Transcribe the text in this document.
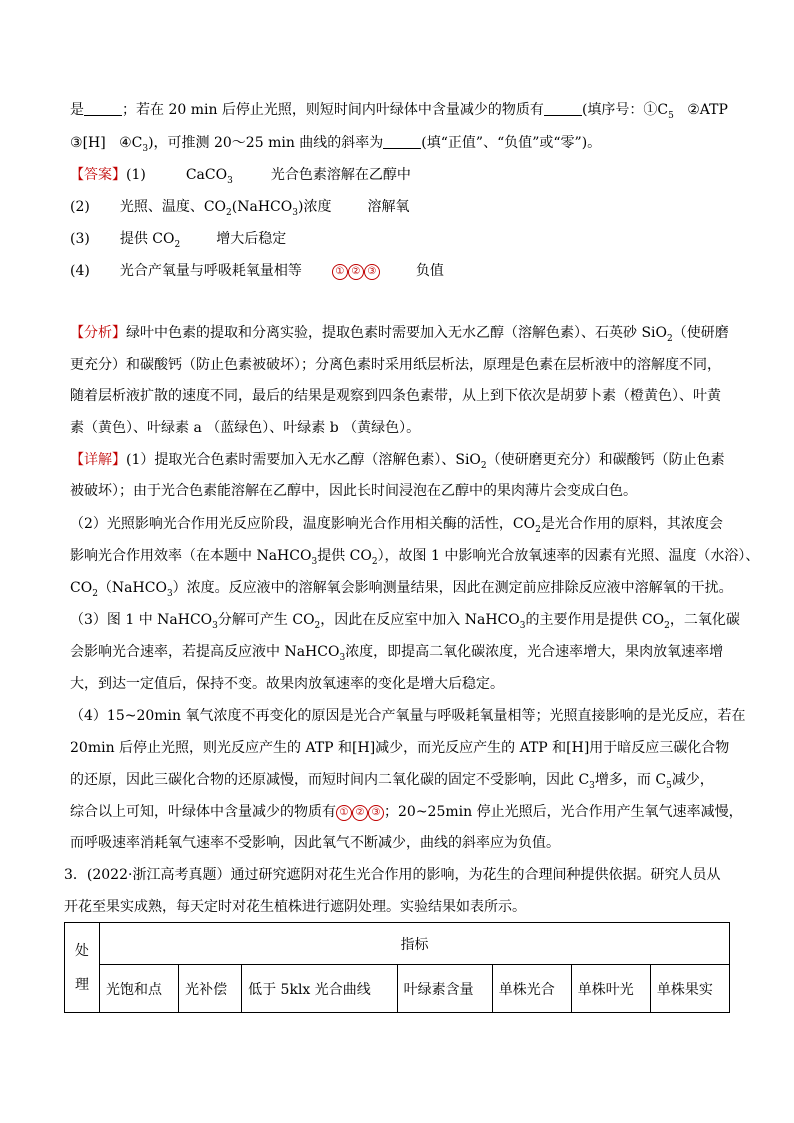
是	；若在 20 min 后停止光照，则短时间内叶绿体中含量减少的物质有	(填序号：$①C_5$ ②ATP
③[H] $④C_3$)，可推测 20～25 min 曲线的斜率为	(填“正值”、“负值”或“零”)。
【答案】(1)	CaCO$_3$	光合色素溶解在乙醇中
(2) 光照、温度、$CO_2(NaHCO_3)$浓度	溶解氧
(3) 提供 $CO_2$	增大后稳定
(4) 光合产氧量与呼吸耗氧量相等	① ② ③	负值
【分析】绿叶中色素的提取和分离实验，提取色素时需要加入无水乙醇（溶解色素）、石英砂 SiO$_2$（使研磨
更充分）和碳酸钙（防止色素被破坏）；分离色素时采用纸层析法，原理是色素在层析液中的溶解度不同，
随着层析液扩散的速度不同，最后的结果是观察到四条色素带，从上到下依次是胡萝卜素（橙黄色）、叶黄
素（黄色）、叶绿素 a （蓝绿色）、叶绿素 b （黄绿色）。
【详解】(1）提取光合色素时需要加入无水乙醇（溶解色素）、SiO$_2$（使研磨更充分）和碳酸钙（防止色素
被破坏）；由于光合色素能溶解在乙醇中，因此长时间浸泡在乙醇中的果肉薄片会变成白色。
（2）光照影响光合作用光反应阶段，温度影响光合作用相关酶的活性，$CO_2$是光合作用的原料，其浓度会
影响光合作用效率（在本题中 NaHCO$_3$提供 $CO_2$），故图 1 中影响光合放氧速率的因素有光照、温度（水浴）、
$CO_2(NaHCO_3)$浓度。反应液中的溶解氧会影响测量结果，因此在测定前应排除反应液中溶解氧的干扰。
（3）图 1 中 NaHCO$_3$分解可产生 $CO_2$，因此在反应室中加入 NaHCO$_3$的主要作用是提供 $CO_2$，二氧化碳
会影响光合速率，若提高反应液中 NaHCO$_3$浓度，即提高二氧化碳浓度，光合速率增大，果肉放氧速率增
大，到达一定值后，保持不变。故果肉放氧速率的变化是增大后稳定。
（4）15~20min 氧气浓度不再变化的原因是光合产氧量与呼吸耗氧量相等；光照直接影响的是光反应，若在
20min 后停止光照，则光反应产生的 ATP 和[H]减少，而光反应产生的 ATP 和[H]用于暗反应三碳化合物
的还原，因此三碳化合物的还原减慢，而短时间内二氧化碳的固定不受影响，因此 $C_3$增多，而 $C_5$减少，
综合以上可知，叶绿体中含量减少的物质有 ① ② ③ ；20~25min 停止光照后，光合作用产生氧气速率减慢，
而呼吸速率消耗氧气速率不受影响，因此氧气不断减少，曲线的斜率应为负值。
3．(2022·浙江高考真题）通过研究遮阴对花生光合作用的影响，为花生的合理间种提供依据。研究人员从
开花至果实成熟，每天定时对花生植株进行遮阴处理。实验结果如表所示。
处
理	指标						
	光饱和点	光补偿	低于 5klx 光合曲线	叶绿素含量	单株光合	单株叶光	单株果实
